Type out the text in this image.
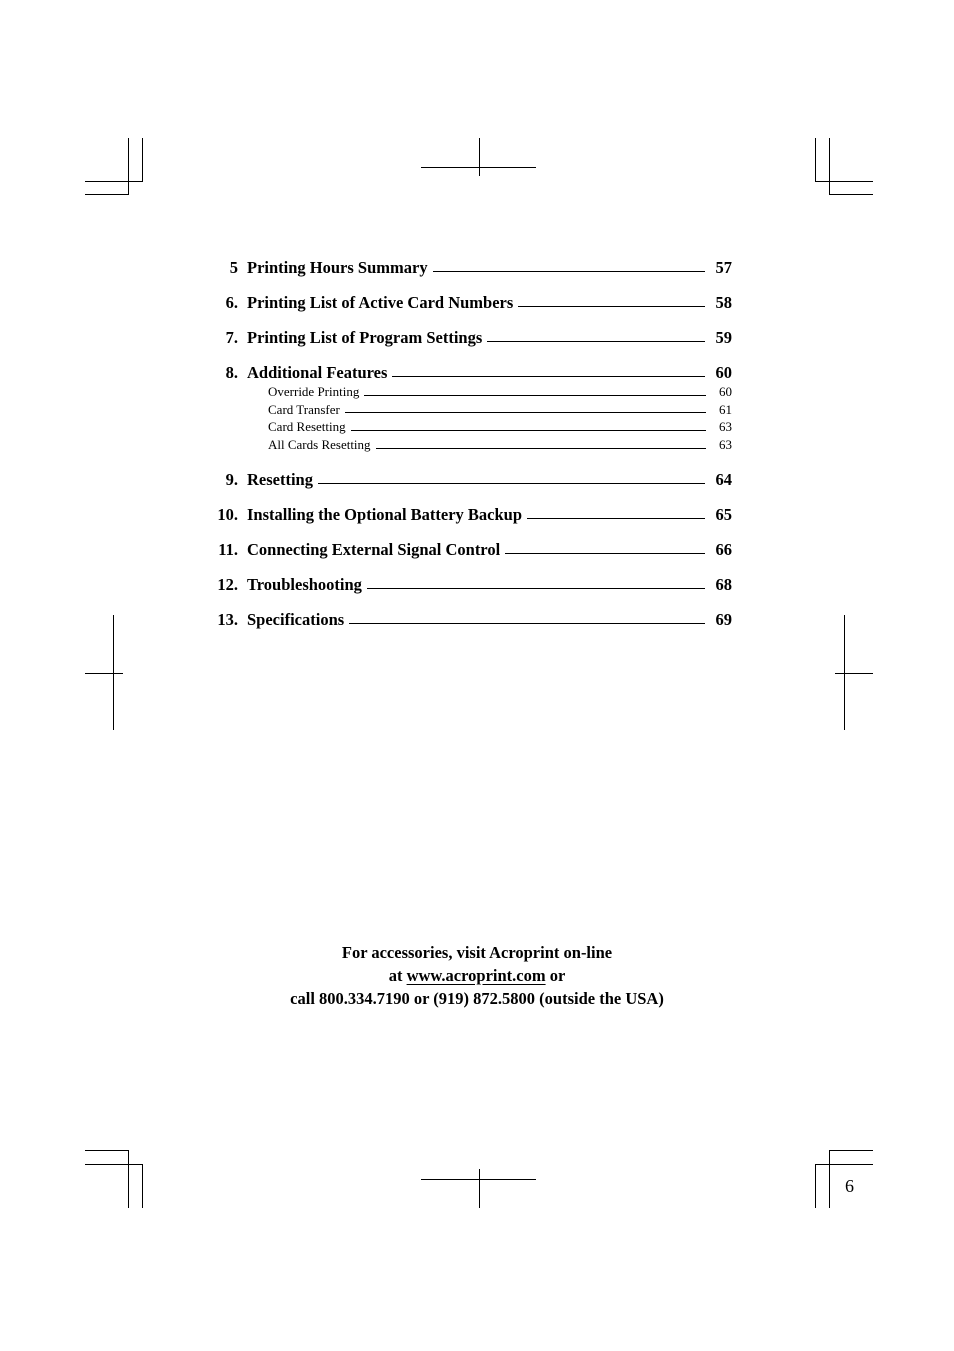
5 Printing Hours Summary	57
6. Printing List of Active Card Numbers	58
7. Printing List of Program Settings	59
8. Additional Features	60
Override Printing	60
Card Transfer	61
Card Resetting	63
All Cards Resetting	63
9. Resetting	64
10. Installing the Optional Battery Backup	65
11. Connecting External Signal Control	66
12. Troubleshooting	68
13. Specifications	69
For accessories, visit Acroprint on-line
at www.acroprint.com or
call 800.334.7190 or (919) 872.5800 (outside the USA)
6
